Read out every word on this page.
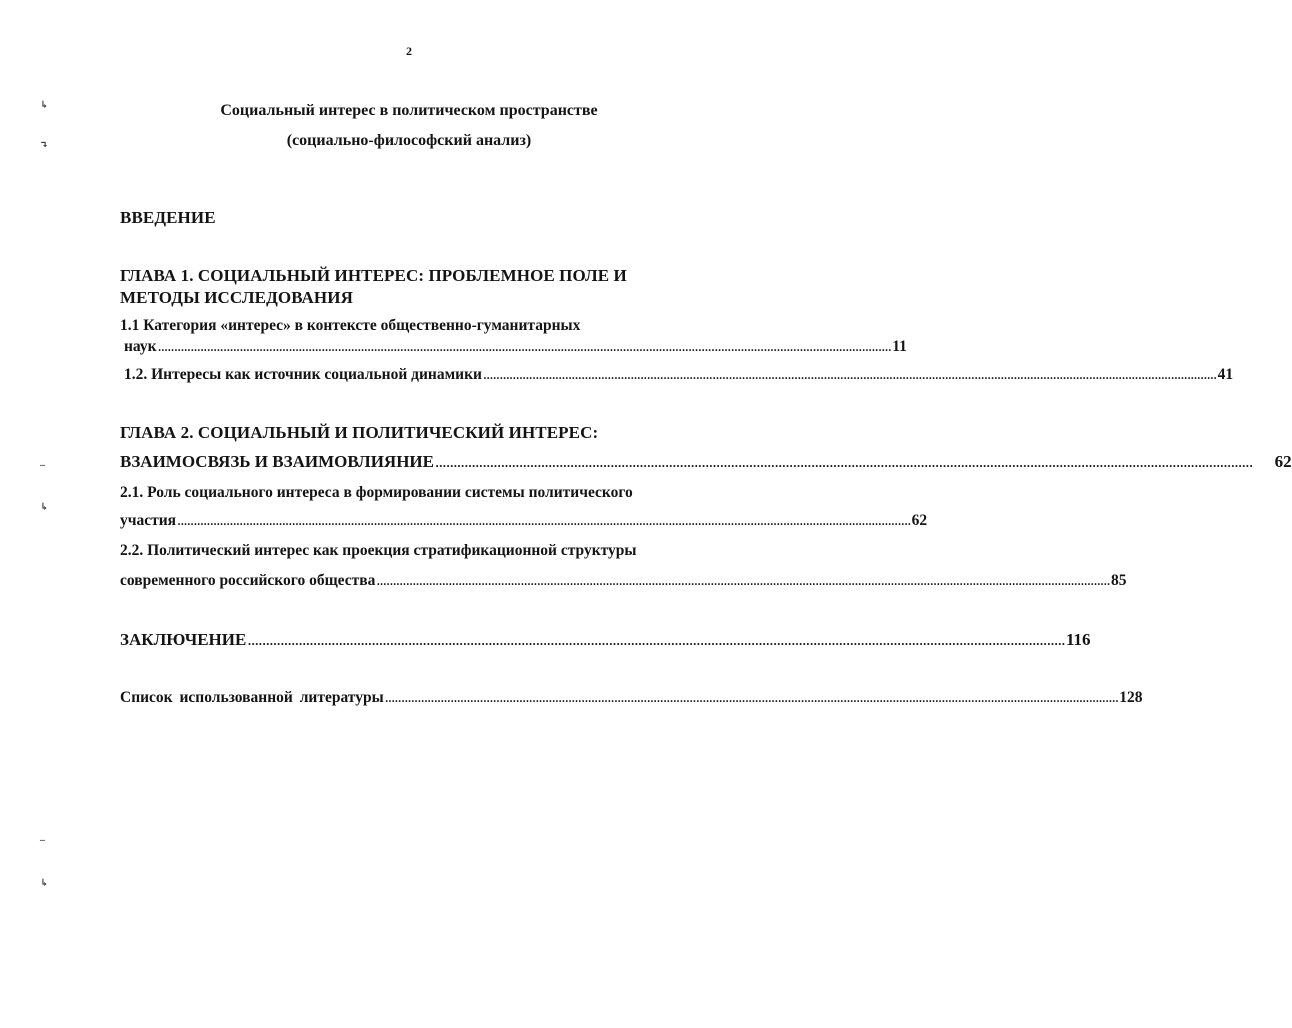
2
Социальный интерес в политическом пространстве
(социально-философский анализ)
↳
↴
–
↳
–
↳
ВВЕДЕНИЕ
ГЛАВА 1. СОЦИАЛЬНЫЙ ИНТЕРЕС: ПРОБЛЕМНОЕ ПОЛЕ И
МЕТОДЫ ИССЛЕДОВАНИЯ
1.1 Категория «интерес» в контексте общественно-гуманитарных
наук ................................................................................................................................................................................................................................ 11
1.2. Интересы как источник социальной динамики ................................................................................................................................................................................................................................ 41
ГЛАВА 2. СОЦИАЛЬНЫЙ И ПОЛИТИЧЕСКИЙ ИНТЕРЕС:
ВЗАИМОСВЯЗЬ И ВЗАИМОВЛИЯНИЕ ................................................................................................................................................................................................................................ 62
2.1. Роль социального интереса в формировании системы политического
участия ................................................................................................................................................................................................................................ 62
2.2. Политический интерес как проекция стратификационной структуры
современного российского общества ................................................................................................................................................................................................................................ 85
ЗАКЛЮЧЕНИЕ ................................................................................................................................................................................................................................ 116
Список использованной литературы ................................................................................................................................................................................................................................ 128
